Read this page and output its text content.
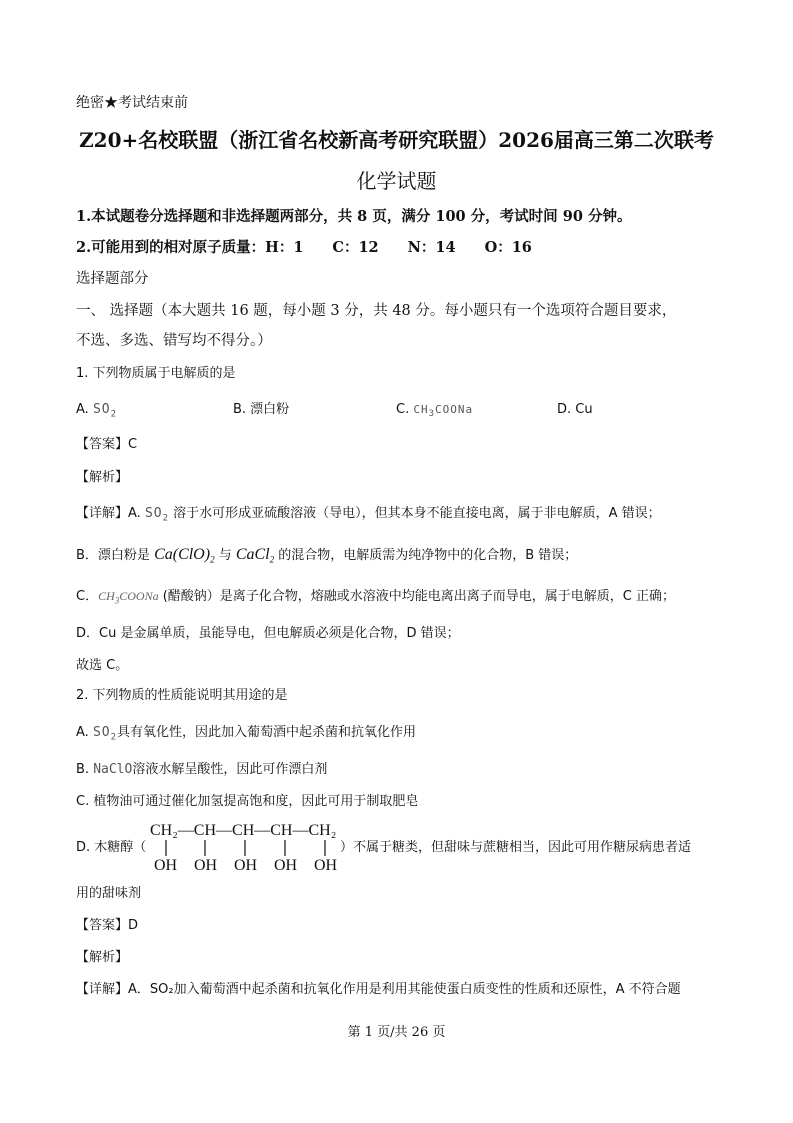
绝密★考试结束前
Z20+名校联盟（浙江省名校新高考研究联盟）2026届高三第二次联考
化学试题
1.本试题卷分选择题和非选择题两部分，共 8 页，满分 100 分，考试时间 90 分钟。
2.可能用到的相对原子质量：H：1　　C：12　　N：14　　O：16
选择题部分
一、 选择题（本大题共 16 题，每小题 3 分，共 48 分。每小题只有一个选项符合题目要求，
不选、多选、错写均不得分。）
1. 下列物质属于电解质的是
A. $SO_2$	B. 漂白粉	C. $CH_3COONa$	D. Cu
【答案】C
【解析】
【详解】A. $SO_2$ 溶于水可形成亚硫酸溶液（导电），但其本身不能直接电离，属于非电解质，A 错误；
B．漂白粉是 $Ca(ClO)_2$ 与 CaCl$_2$ 的混合物，电解质需为纯净物中的化合物，B 错误；
C．$CH_3COONa$ (醋酸钠）是离子化合物，熔融或水溶液中均能电离出离子而导电，属于电解质，C 正确；
D．Cu 是金属单质，虽能导电，但电解质必须是化合物，D 错误；
故选 C。
2. 下列物质的性质能说明其用途的是
A. $SO_2$具有氧化性，因此加入葡萄酒中起杀菌和抗氧化作用
B. NaClO溶液水解呈酸性，因此可作漂白剂
C. 植物油可通过催化加氢提高饱和度，因此可用于制取肥皂
D. 木糖醇（
CH₂—CH—CH—CH—CH₂
OH OH OH OH OH
）不属于糖类，但甜味与蔗糖相当，因此可用作糖尿病患者适
用的甜味剂
【答案】D
【解析】
【详解】A．SO₂加入葡萄酒中起杀菌和抗氧化作用是利用其能使蛋白质变性的性质和还原性，A 不符合题
第 1 页/共 26 页
